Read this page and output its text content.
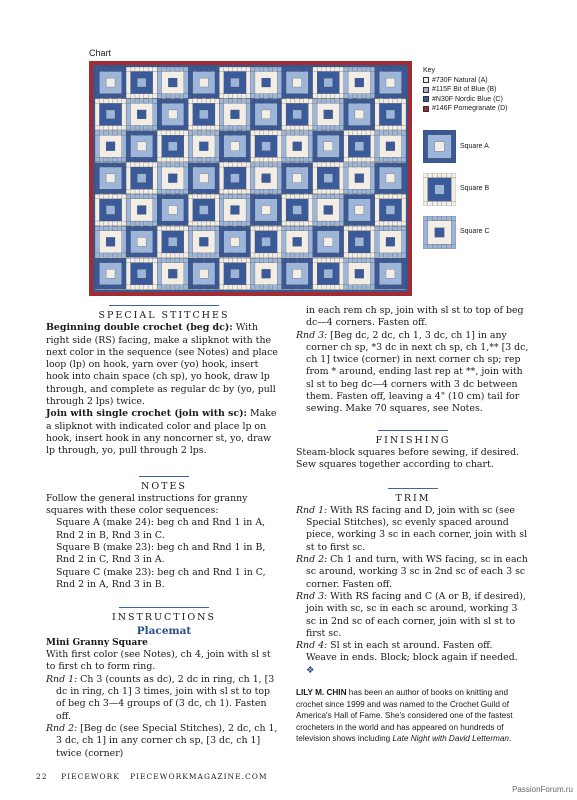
Chart
Key
#730F Natural (A)
#115F Bit of Blue (B)
#N30F Nordic Blue (C)
#146F Pomegranate (D)
Square A
Square B
Square C

SPECIAL STITCHES

Beginning double crochet (beg dc): With right side (RS) facing, make a slipknot with the next color in the sequence (see Notes) and place loop (lp) on hook, yarn over (yo) hook, insert hook into chain space (ch sp), yo hook, draw lp through, and complete as regular dc by (yo, pull through 2 lps) twice.

Join with single crochet (join with sc): Make a slipknot with indicated color and place lp on hook, insert hook in any noncorner st, yo, draw lp through, yo, pull through 2 lps.

NOTES

Follow the general instructions for granny squares with these color sequences:

Square A (make 24): beg ch and Rnd 1 in A, Rnd 2 in B, Rnd 3 in C.

Square B (make 23): beg ch and Rnd 1 in B, Rnd 2 in C, Rnd 3 in A.

Square C (make 23): beg ch and Rnd 1 in C, Rnd 2 in A, Rnd 3 in B.

INSTRUCTIONS

Placemat

Mini Granny Square

With first color (see Notes), ch 4, join with sl st to first ch to form ring.

Rnd 1: Ch 3 (counts as dc), 2 dc in ring, ch 1, [3 dc in ring, ch 1] 3 times, join with sl st to top of beg ch 3—4 groups of (3 dc, ch 1). Fasten off.

Rnd 2: [Beg dc (see Special Stitches), 2 dc, ch 1, 3 dc, ch 1] in any corner ch sp, [3 dc, ch 1] twice (corner)

in each rem ch sp, join with sl st to top of beg dc—4 corners. Fasten off.

Rnd 3: [Beg dc, 2 dc, ch 1, 3 dc, ch 1] in any corner ch sp, *3 dc in next ch sp, ch 1,** [3 dc, ch 1] twice (corner) in next corner ch sp; rep from * around, ending last rep at **, join with sl st to beg dc—4 corners with 3 dc between them. Fasten off, leaving a 4" (10 cm) tail for sewing. Make 70 squares, see Notes.

FINISHING

Steam-block squares before sewing, if desired. Sew squares together according to chart.

TRIM

Rnd 1: With RS facing and D, join with sc (see Special Stitches), sc evenly spaced around piece, working 3 sc in each corner, join with sl st to first sc.

Rnd 2: Ch 1 and turn, with WS facing, sc in each sc around, working 3 sc in 2nd sc of each 3 sc corner. Fasten off.

Rnd 3: With RS facing and C (A or B, if desired), join with sc, sc in each sc around, working 3 sc in 2nd sc of each corner, join with sl st to first sc.

Rnd 4: Sl st in each st around. Fasten off.

Weave in ends. Block; block again if needed.   ❖

LILY M. CHIN has been an author of books on knitting and crochet since 1999 and was named to the Crochet Guild of America's Hall of Fame. She's considered one of the fastest crocheters in the world and has appeared on hundreds of television shows including Late Night with David Letterman.

22 PIECEWORK PIECEWORKMAGAZINE.COM
PassionForum.ru
